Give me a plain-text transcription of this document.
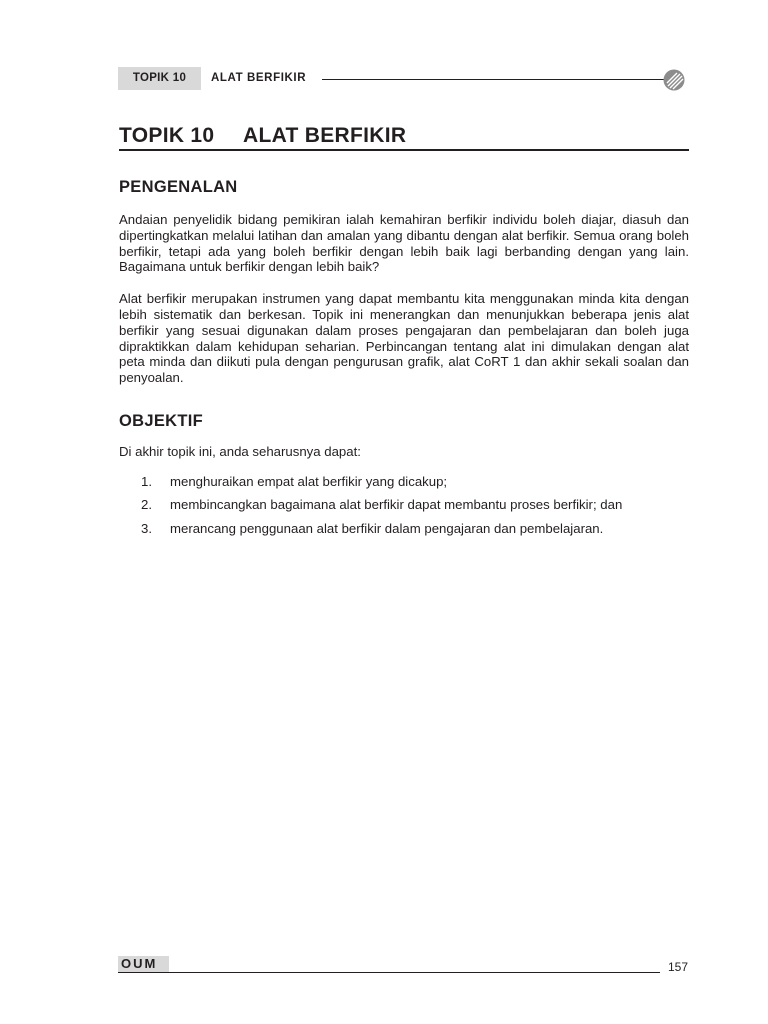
TOPIK 10	ALAT BERFIKIR
TOPIK 10 ALAT BERFIKIR
PENGENALAN

Andaian penyelidik bidang pemikiran ialah kemahiran berfikir individu boleh diajar, diasuh dan dipertingkatkan melalui latihan dan amalan yang dibantu dengan alat berfikir. Semua orang boleh berfikir, tetapi ada yang boleh berfikir dengan lebih baik lagi berbanding dengan yang lain. Bagaimana untuk berfikir dengan lebih baik?

Alat berfikir merupakan instrumen yang dapat membantu kita menggunakan minda kita dengan lebih sistematik dan berkesan. Topik ini menerangkan dan menunjukkan beberapa jenis alat berfikir yang sesuai digunakan dalam proses pengajaran dan pembelajaran dan boleh juga dipraktikkan dalam kehidupan seharian. Perbincangan tentang alat ini dimulakan dengan alat peta minda dan diikuti pula dengan pengurusan grafik, alat CoRT 1 dan akhir sekali soalan dan penyoalan.

OBJEKTIF

Di akhir topik ini, anda seharusnya dapat:

1. menghuraikan empat alat berfikir yang dicakup;
2. membincangkan bagaimana alat berfikir dapat membantu proses berfikir; dan
3. merancang penggunaan alat berfikir dalam pengajaran dan pembelajaran.
OUM	157
